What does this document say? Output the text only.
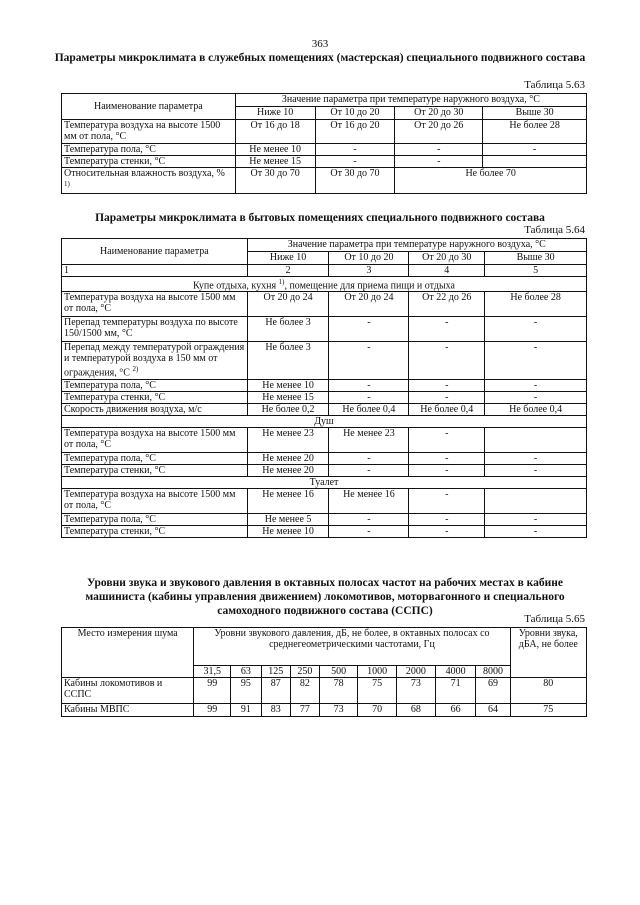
363
Параметры микроклимата в служебных помещениях (мастерская) специального подвижного состава
Таблица 5.63
Наименование параметра	Значение параметра при температуре наружного воздуха, °С			
	Ниже 10	От 10 до 20	От 20 до 30	Выше 30
Температура воздуха на высоте 1500 мм от пола, °С	От 16 до 18	От 16 до 20	От 20 до 26	Не более 28
Температура пола, °С	Не менее 10	-	-	-
Температура стенки, °С	Не менее 15	-	-	
Относительная влажность воздуха, % $^{1)}$	От 30 до 70	От 30 до 70	Не более 70	
Параметры микроклимата в бытовых помещениях специального подвижного состава
Таблица 5.64
Наименование параметра	Значение параметра при температуре наружного воздуха, °С			
	Ниже 10	От 10 до 20	От 20 до 30	Выше 30
1	2	3	4	5
Купе отдыха, кухня $^{1)}$, помещение для приема пищи и отдыха				
Температура воздуха на высоте 1500 мм от пола, °С	От 20 до 24	От 20 до 24	От 22 до 26	Не более 28
Перепад температуры воздуха по высоте 150/1500 мм, °С	Не более 3	-	-	-
Перепад между температурой ограждения и температурой воздуха в 150 мм от ограждения, °С $^{2)}$	Не более 3	-	-	-
Температура пола, °С	Не менее 10	-	-	-
Температура стенки, °С	Не менее 15	-	-	-
Скорость движения воздуха, м/с	Не более 0,2	Не более 0,4	Не более 0,4	Не более 0,4
Душ				
Температура воздуха на высоте 1500 мм от пола, °С	Не менее 23	Не менее 23	-	
Температура пола, °С	Не менее 20	-	-	-
Температура стенки, °С	Не менее 20	-	-	-
Туалет				
Температура воздуха на высоте 1500 мм от пола, °С	Не менее 16	Не менее 16	-	
Температура пола, °С	Не менее 5	-	-	-
Температура стенки, °С	Не менее 10	-	-	-
Уровни звука и звукового давления в октавных полосах частот на рабочих местах в кабине машиниста (кабины управления движением) локомотивов, моторвагонного и специального самоходного подвижного состава (ССПС)
Таблица 5.65
Место измерения шума	Уровни звукового давления, дБ, не более, в октавных полосах со среднегеометрическими частотами, Гц									Уровни звука, дБА, не более
	31,5	63	125	250	500	1000	2000	4000	8000	
Кабины локомотивов и ССПС	99	95	87	82	78	75	73	71	69	80
Кабины МВПС	99	91	83	77	73	70	68	66	64	75
